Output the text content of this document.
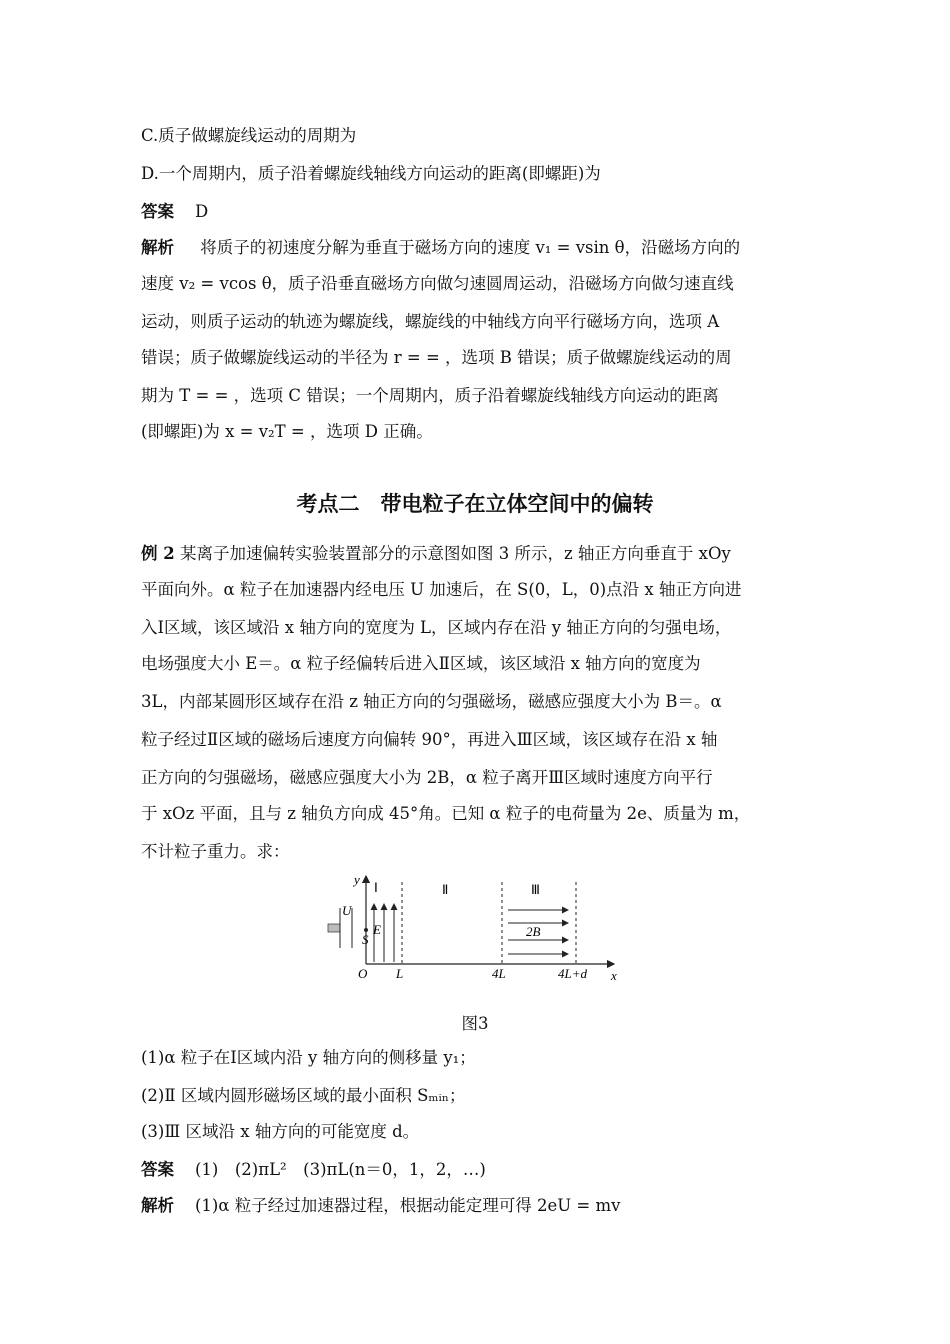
C.质子做螺旋线运动的周期为
D.一个周期内，质子沿着螺旋线轴线方向运动的距离(即螺距)为
答案 D
解析 将质子的初速度分解为垂直于磁场方向的速度 v₁ = vsin θ，沿磁场方向的
速度 v₂ = vcos θ，质子沿垂直磁场方向做匀速圆周运动，沿磁场方向做匀速直线
运动，则质子运动的轨迹为螺旋线，螺旋线的中轴线方向平行磁场方向，选项 A
错误；质子做螺旋线运动的半径为 r = = ，选项 B 错误；质子做螺旋线运动的周
期为 T = = ，选项 C 错误；一个周期内，质子沿着螺旋线轴线方向运动的距离
(即螺距)为 x = v₂T = ，选项 D 正确。
考点二　带电粒子在立体空间中的偏转
例 2 某离子加速偏转实验装置部分的示意图如图 3 所示，z 轴正方向垂直于 xOy
平面向外。α 粒子在加速器内经电压 U 加速后，在 S(0，L，0)点沿 x 轴正方向进
入Ⅰ区域，该区域沿 x 轴方向的宽度为 L，区域内存在沿 y 轴正方向的匀强电场，
电场强度大小 E＝。α 粒子经偏转后进入Ⅱ区域，该区域沿 x 轴方向的宽度为
3L，内部某圆形区域存在沿 z 轴正方向的匀强磁场，磁感应强度大小为 B＝。α
粒子经过Ⅱ区域的磁场后速度方向偏转 90°，再进入Ⅲ区域，该区域存在沿 x 轴
正方向的匀强磁场，磁感应强度大小为 2B，α 粒子离开Ⅲ区域时速度方向平行
于 xOz 平面，且与 z 轴负方向成 45°角。已知 α 粒子的电荷量为 2e、质量为 m，
不计粒子重力。求：
y
x
O
U
S
E
Ⅰ
L
Ⅱ
4L
Ⅲ
2B
4L+d
图3
(1)α 粒子在Ⅰ区域内沿 y 轴方向的侧移量 y₁；
(2)Ⅱ 区域内圆形磁场区域的最小面积 Sₘᵢₙ；
(3)Ⅲ 区域沿 x 轴方向的可能宽度 d。
答案 (1)　(2)πL²　(3)πL(n＝0，1，2，…)
解析 (1)α 粒子经过加速器过程，根据动能定理可得 2eU = mv
